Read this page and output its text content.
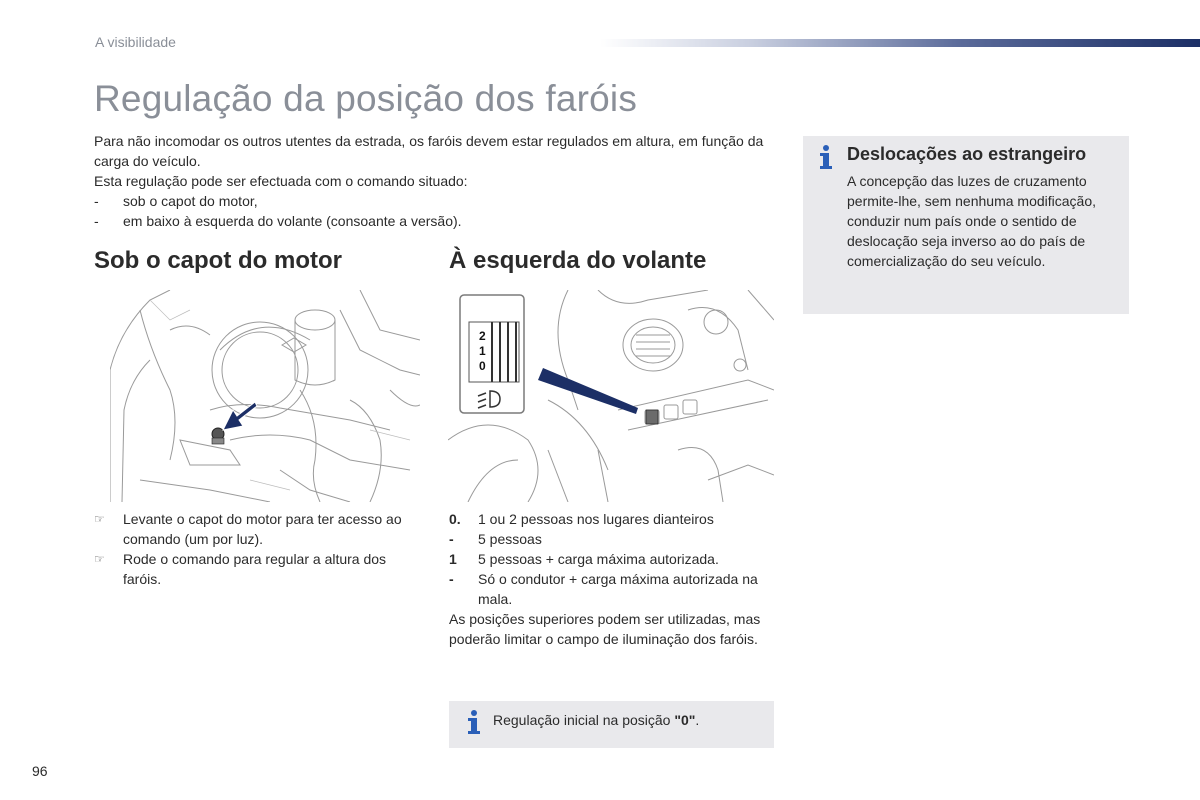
A visibilidade
Regulação da posição dos faróis

Para não incomodar os outros utentes da estrada, os faróis devem estar regulados em altura, em função da carga do veículo.

Esta regulação pode ser efectuada com o comando situado:

- sob o capot do motor,
- em baixo à esquerda do volante (consoante a versão).
Sob o capot do motor	À esquerda do volante
2
1
0
☞ Levante o capot do motor para ter acesso ao comando (um por luz).
☞ Rode o comando para regular a altura dos faróis.
0. 1 ou 2 pessoas nos lugares dianteiros
- 5 pessoas
1 5 pessoas + carga máxima autorizada.
- Só o condutor + carga máxima autorizada na mala.

As posições superiores podem ser utilizadas, mas poderão limitar o campo de iluminação dos faróis.

Regulação inicial na posição "0".
Deslocações ao estrangeiro
A concepção das luzes de cruzamento permite-lhe, sem nenhuma modificação, conduzir num país onde o sentido de deslocação seja inverso ao do país de comercialização do seu veículo.
96
